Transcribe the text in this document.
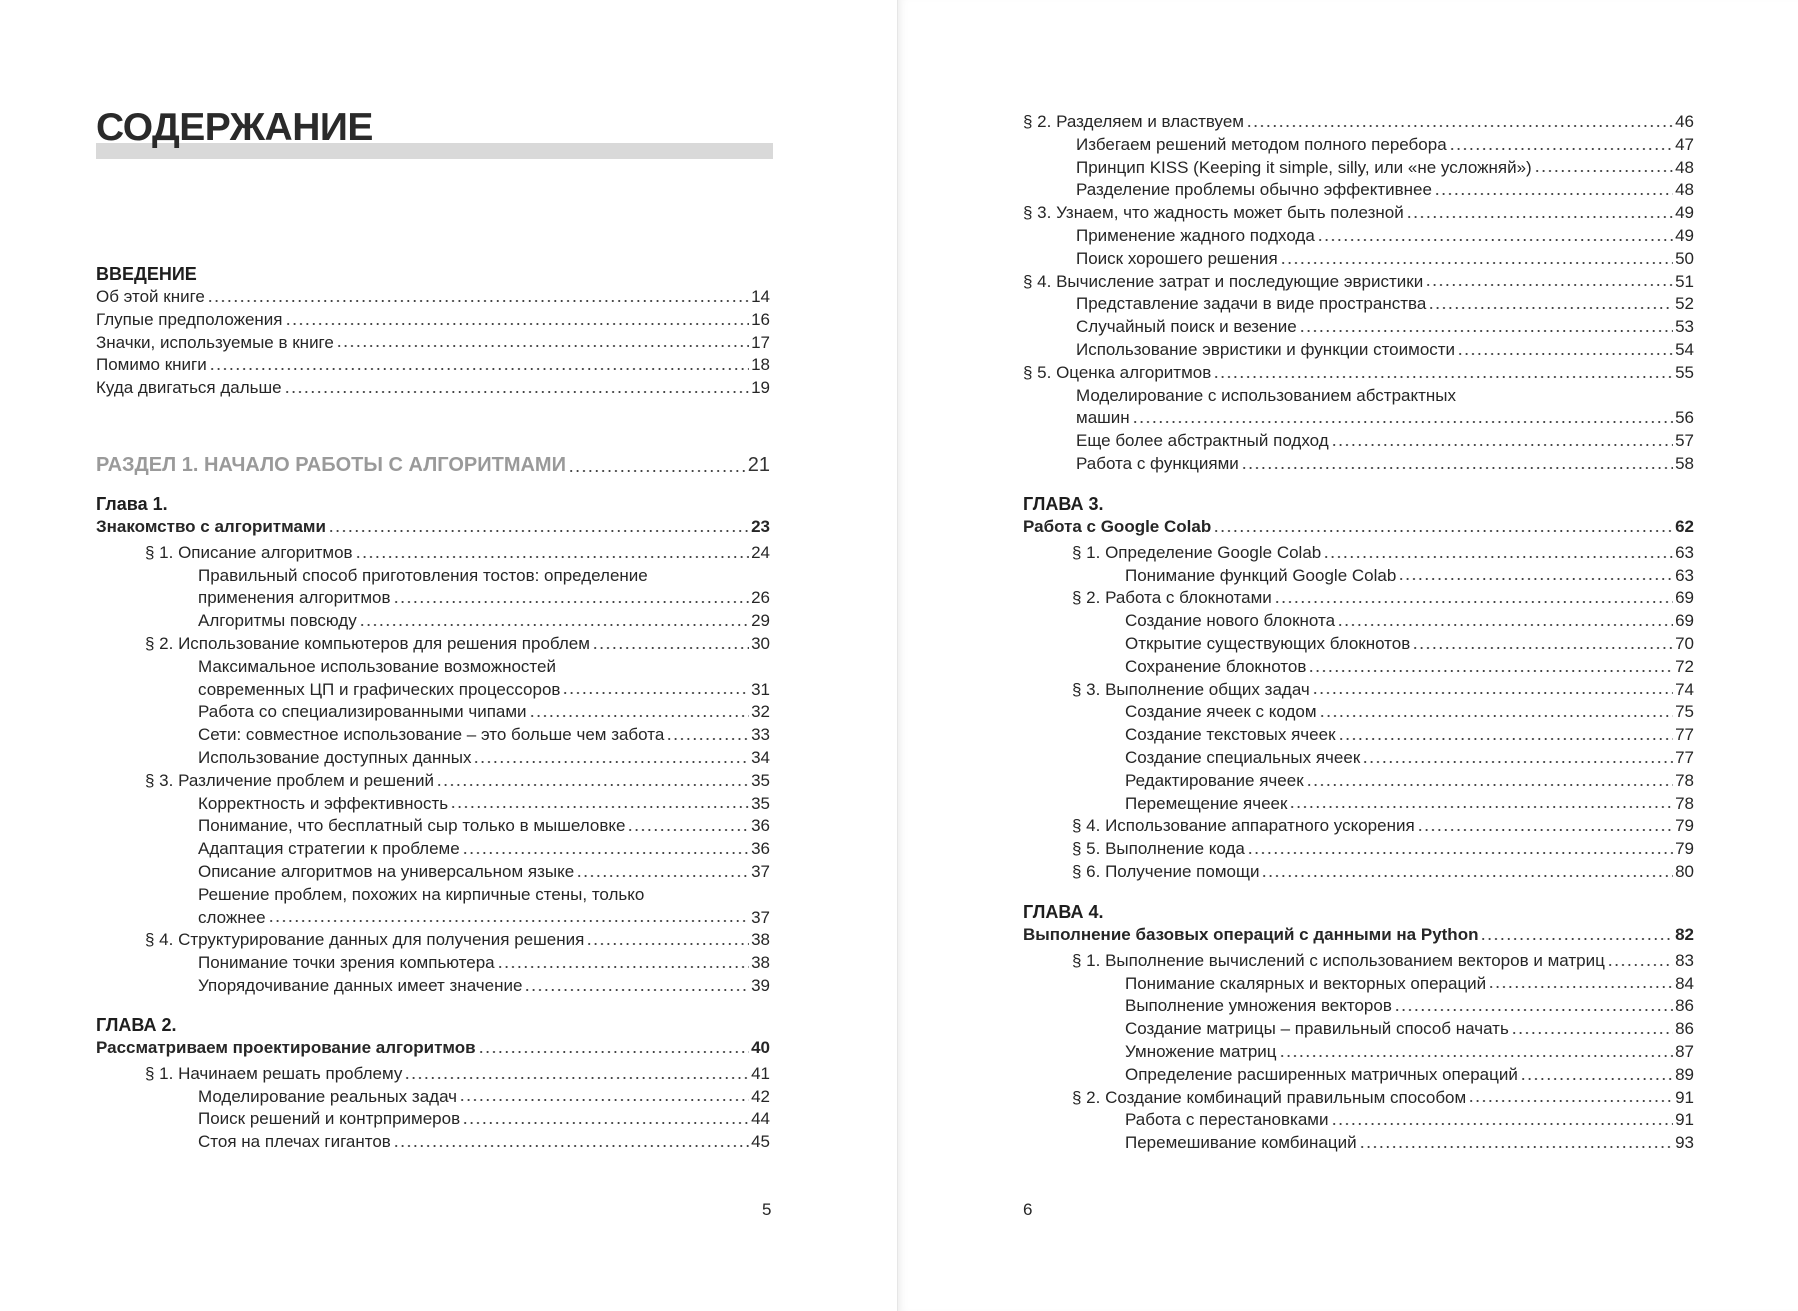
СОДЕРЖАНИЕ
ВВЕДЕНИЕ
Об этой книге	14
Глупые предположения	16
Значки, используемые в книге	17
Помимо книги	18
Куда двигаться дальше	19
РАЗДЕЛ 1. НАЧАЛО РАБОТЫ С АЛГОРИТМАМИ	21
Глава 1.
Знакомство с алгоритмами	23
§ 1. Описание алгоритмов	24
Правильный способ приготовления тостов: определение
применения алгоритмов	26
Алгоритмы повсюду	29
§ 2. Использование компьютеров для решения проблем	30
Максимальное использование возможностей
современных ЦП и графических процессоров	31
Работа со специализированными чипами	32
Сети: совместное использование – это больше чем забота	33
Использование доступных данных	34
§ 3. Различение проблем и решений	35
Корректность и эффективность	35
Понимание, что бесплатный сыр только в мышеловке	36
Адаптация стратегии к проблеме	36
Описание алгоритмов на универсальном языке	37
Решение проблем, похожих на кирпичные стены, только
сложнее	37
§ 4. Структурирование данных для получения решения	38
Понимание точки зрения компьютера	38
Упорядочивание данных имеет значение	39
ГЛАВА 2.
Рассматриваем проектирование алгоритмов	40
§ 1. Начинаем решать проблему	41
Моделирование реальных задач	42
Поиск решений и контрпримеров	44
Стоя на плечах гигантов	45
5
§ 2. Разделяем и властвуем	46
Избегаем решений методом полного перебора	47
Принцип KISS (Keeping it simple, silly, или «не усложняй»)	48
Разделение проблемы обычно эффективнее	48
§ 3. Узнаем, что жадность может быть полезной	49
Применение жадного подхода	49
Поиск хорошего решения	50
§ 4. Вычисление затрат и последующие эвристики	51
Представление задачи в виде пространства	52
Случайный поиск и везение	53
Использование эвристики и функции стоимости	54
§ 5. Оценка алгоритмов	55
Моделирование с использованием абстрактных
машин	56
Еще более абстрактный подход	57
Работа с функциями	58
ГЛАВА 3.
Работа с Google Colab	62
§ 1. Определение Google Colab	63
Понимание функций Google Colab	63
§ 2. Работа с блокнотами	69
Создание нового блокнота	69
Открытие существующих блокнотов	70
Сохранение блокнотов	72
§ 3. Выполнение общих задач	74
Создание ячеек с кодом	75
Создание текстовых ячеек	77
Создание специальных ячеек	77
Редактирование ячеек	78
Перемещение ячеек	78
§ 4. Использование аппаратного ускорения	79
§ 5. Выполнение кода	79
§ 6. Получение помощи	80
ГЛАВА 4.
Выполнение базовых операций с данными на Python	82
§ 1. Выполнение вычислений с использованием векторов и матриц	83
Понимание скалярных и векторных операций	84
Выполнение умножения векторов	86
Создание матрицы – правильный способ начать	86
Умножение матриц	87
Определение расширенных матричных операций	89
§ 2. Создание комбинаций правильным способом	91
Работа с перестановками	91
Перемешивание комбинаций	93
6
